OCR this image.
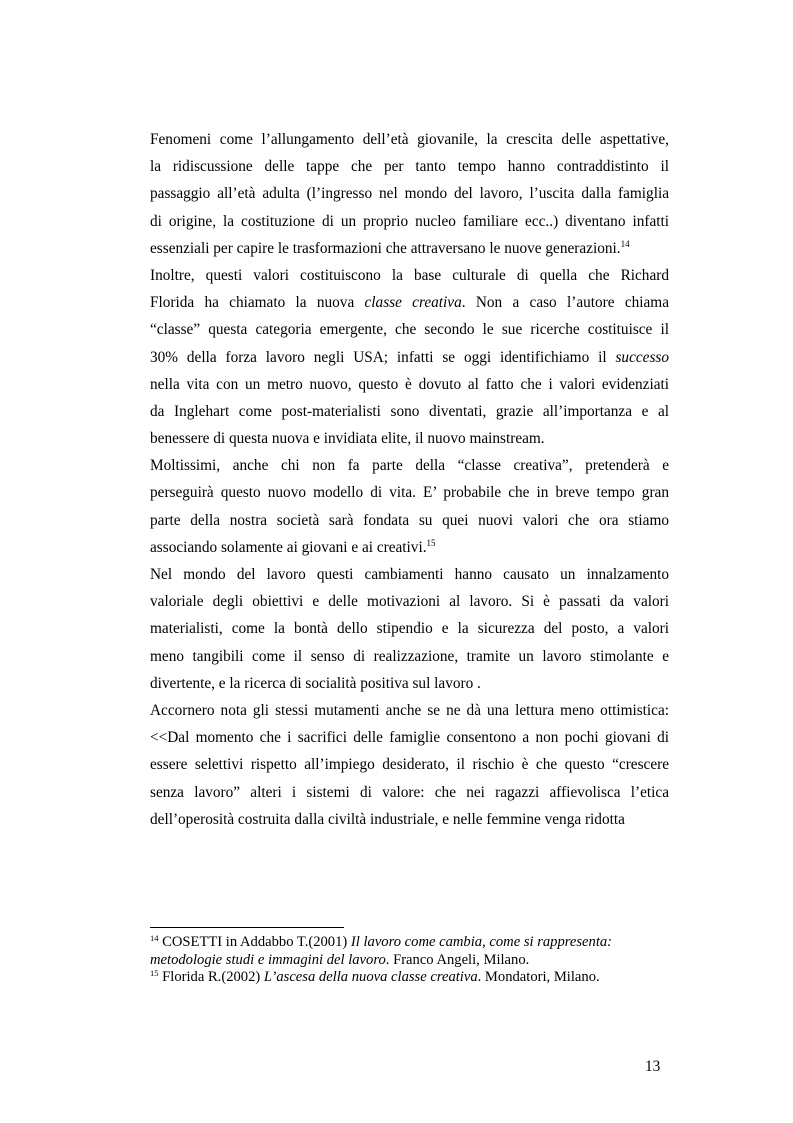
Fenomeni come l’allungamento dell’età giovanile, la crescita delle aspettative,
la ridiscussione delle tappe che per tanto tempo hanno contraddistinto il
passaggio all’età adulta (l’ingresso nel mondo del lavoro, l’uscita dalla famiglia
di origine, la costituzione di un proprio nucleo familiare ecc..) diventano infatti
essenziali per capire le trasformazioni che attraversano le nuove generazioni.$^{14}$
Inoltre, questi valori costituiscono la base culturale di quella che Richard
Florida ha chiamato la nuova classe creativa. Non a caso l’autore chiama
“classe” questa categoria emergente, che secondo le sue ricerche costituisce il
30% della forza lavoro negli USA; infatti se oggi identifichiamo il successo
nella vita con un metro nuovo, questo è dovuto al fatto che i valori evidenziati
da Inglehart come post-materialisti sono diventati, grazie all’importanza e al
benessere di questa nuova e invidiata elite, il nuovo mainstream.
Moltissimi, anche chi non fa parte della “classe creativa”, pretenderà e
perseguirà questo nuovo modello di vita. E’ probabile che in breve tempo gran
parte della nostra società sarà fondata su quei nuovi valori che ora stiamo
associando solamente ai giovani e ai creativi.$^{15}$
Nel mondo del lavoro questi cambiamenti hanno causato un innalzamento
valoriale degli obiettivi e delle motivazioni al lavoro. Si è passati da valori
materialisti, come la bontà dello stipendio e la sicurezza del posto, a valori
meno tangibili come il senso di realizzazione, tramite un lavoro stimolante e
divertente, e la ricerca di socialità positiva sul lavoro .
Accornero nota gli stessi mutamenti anche se ne dà una lettura meno ottimistica:
<<Dal momento che i sacrifici delle famiglie consentono a non pochi giovani di
essere selettivi rispetto all’impiego desiderato, il rischio è che questo “crescere
senza lavoro” alteri i sistemi di valore: che nei ragazzi affievolisca l’etica
dell’operosità costruita dalla civiltà industriale, e nelle femmine venga ridotta
$^{14}$ COSETTI in Addabbo T.(2001) Il lavoro come cambia, come si rappresenta:
metodologie studi e immagini del lavoro. Franco Angeli, Milano.
$^{15}$ Florida R.(2002) L’ascesa della nuova classe creativa. Mondatori, Milano.
13
